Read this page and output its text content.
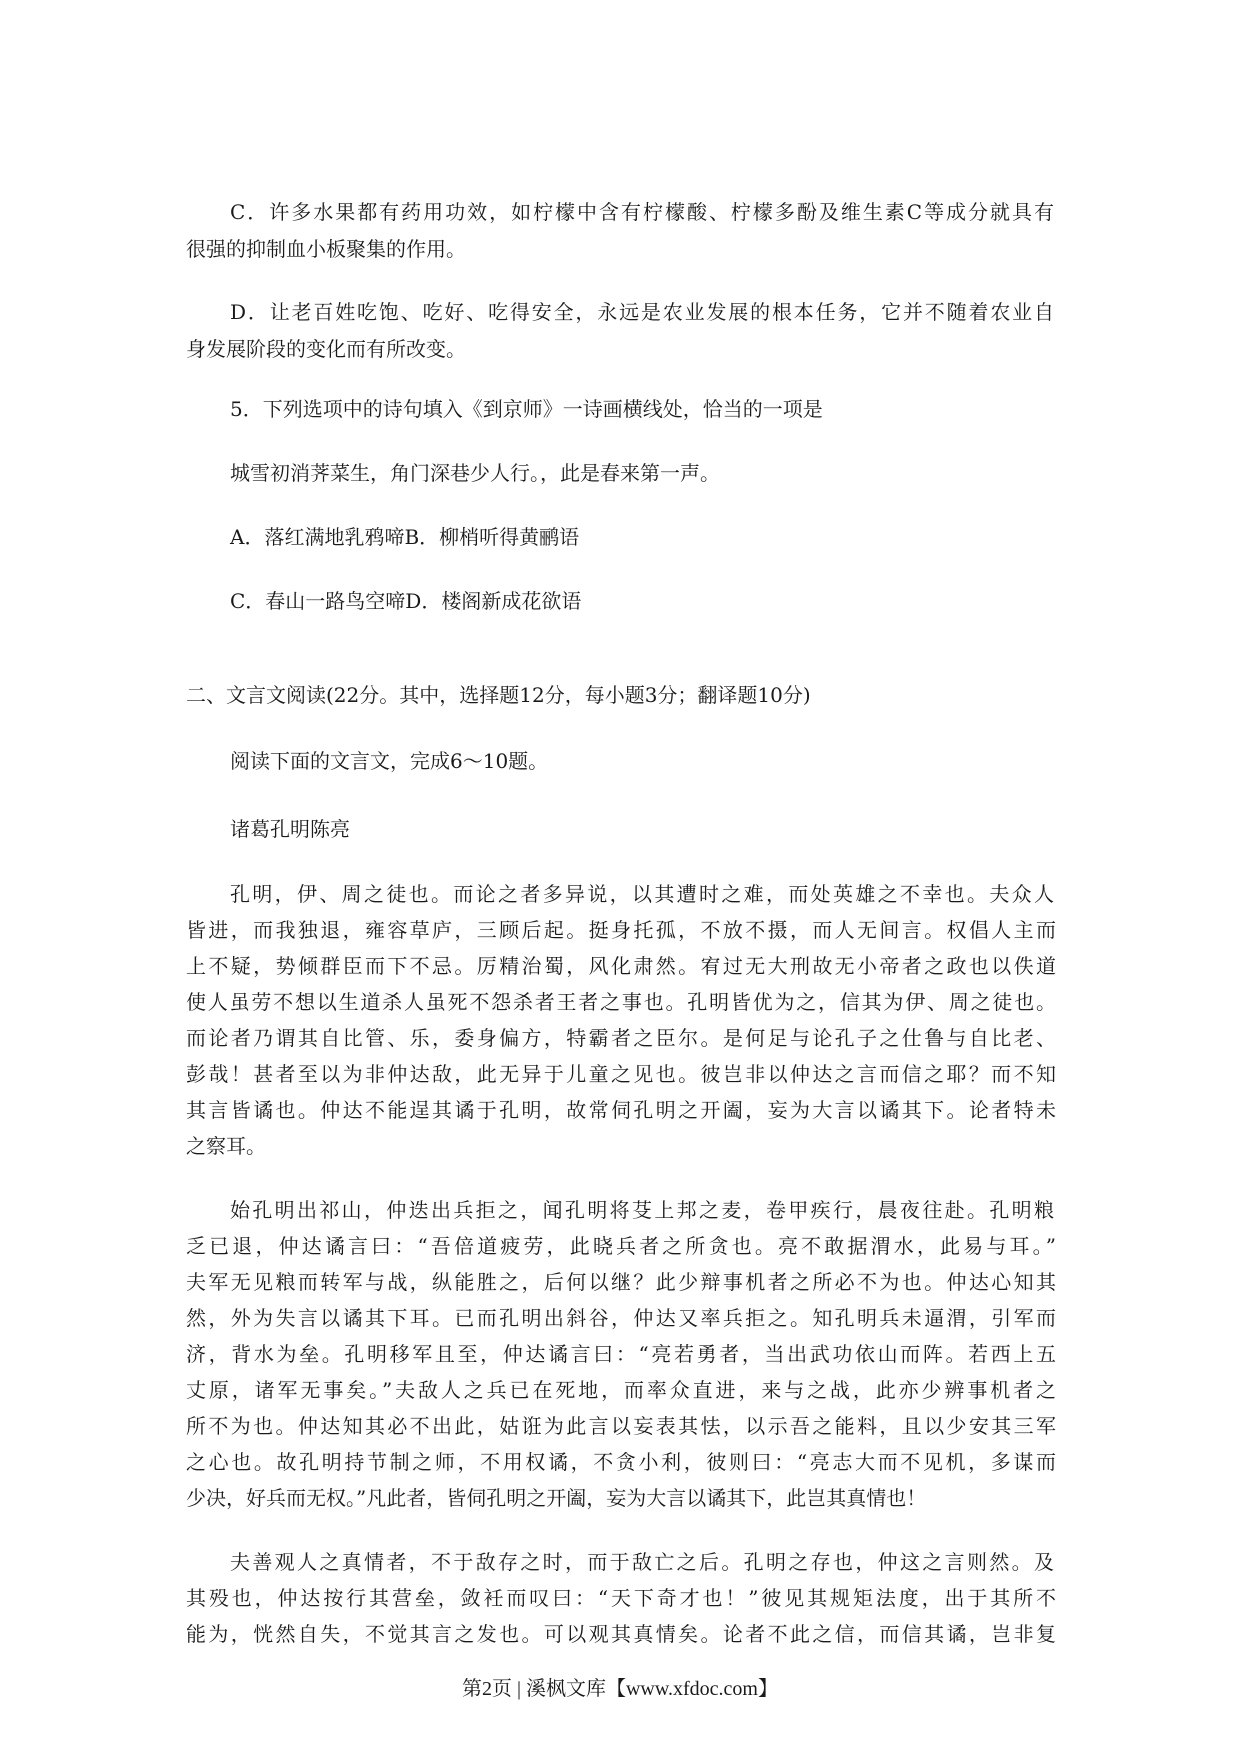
C．许多水果都有药用功效，如柠檬中含有柠檬酸、柠檬多酚及维生素C等成分就具有
很强的抑制血小板聚集的作用。
D．让老百姓吃饱、吃好、吃得安全，永远是农业发展的根本任务，它并不随着农业自
身发展阶段的变化而有所改变。
5．下列选项中的诗句填入《到京师》一诗画横线处，恰当的一项是
城雪初消荠菜生，角门深巷少人行。，此是春来第一声。
A．落红满地乳鸦啼B．柳梢听得黄鹂语
C．春山一路鸟空啼D．楼阁新成花欲语
二、文言文阅读(22分。其中，选择题12分，每小题3分；翻译题10分)
阅读下面的文言文，完成6～10题。
诸葛孔明陈亮
孔明，伊、周之徒也。而论之者多异说，以其遭时之难，而处英雄之不幸也。夫众人
皆进，而我独退，雍容草庐，三顾后起。挺身托孤，不放不摄，而人无间言。权倡人主而
上不疑，势倾群臣而下不忌。厉精治蜀，风化肃然。宥过无大刑故无小帝者之政也以佚道
使人虽劳不想以生道杀人虽死不怨杀者王者之事也。孔明皆优为之，信其为伊、周之徒也。
而论者乃谓其自比管、乐，委身偏方，特霸者之臣尔。是何足与论孔子之仕鲁与自比老、
彭哉！甚者至以为非仲达敌，此无异于儿童之见也。彼岂非以仲达之言而信之耶？而不知
其言皆谲也。仲达不能逞其谲于孔明，故常伺孔明之开阖，妄为大言以谲其下。论者特未
之察耳。
始孔明出祁山，仲迭出兵拒之，闻孔明将芟上邦之麦，卷甲疾行，晨夜往赴。孔明粮
乏已退，仲达谲言曰：“吾倍道疲劳，此晓兵者之所贪也。亮不敢据渭水，此易与耳。”
夫军无见粮而转军与战，纵能胜之，后何以继？此少辩事机者之所必不为也。仲达心知其
然，外为失言以谲其下耳。已而孔明出斜谷，仲达又率兵拒之。知孔明兵未逼渭，引军而
济，背水为垒。孔明移军且至，仲达谲言曰：“亮若勇者，当出武功依山而阵。若西上五
丈原，诸军无事矣。”夫敌人之兵已在死地，而率众直进，来与之战，此亦少辨事机者之
所不为也。仲达知其必不出此，姑诳为此言以妄表其怯，以示吾之能料，且以少安其三军
之心也。故孔明持节制之师，不用权谲，不贪小利，彼则曰：“亮志大而不见机，多谋而
少决，好兵而无权。”凡此者，皆伺孔明之开阖，妄为大言以谲其下，此岂其真情也！
夫善观人之真情者，不于敌存之时，而于敌亡之后。孔明之存也，仲这之言则然。及
其殁也，仲达按行其营垒，敛衽而叹曰：“天下奇才也！”彼见其规矩法度，出于其所不
能为，恍然自失，不觉其言之发也。可以观其真情矣。论者不此之信，而信其谲，岂非复
第2页 | 溪枫文库【www.xfdoc.com】
